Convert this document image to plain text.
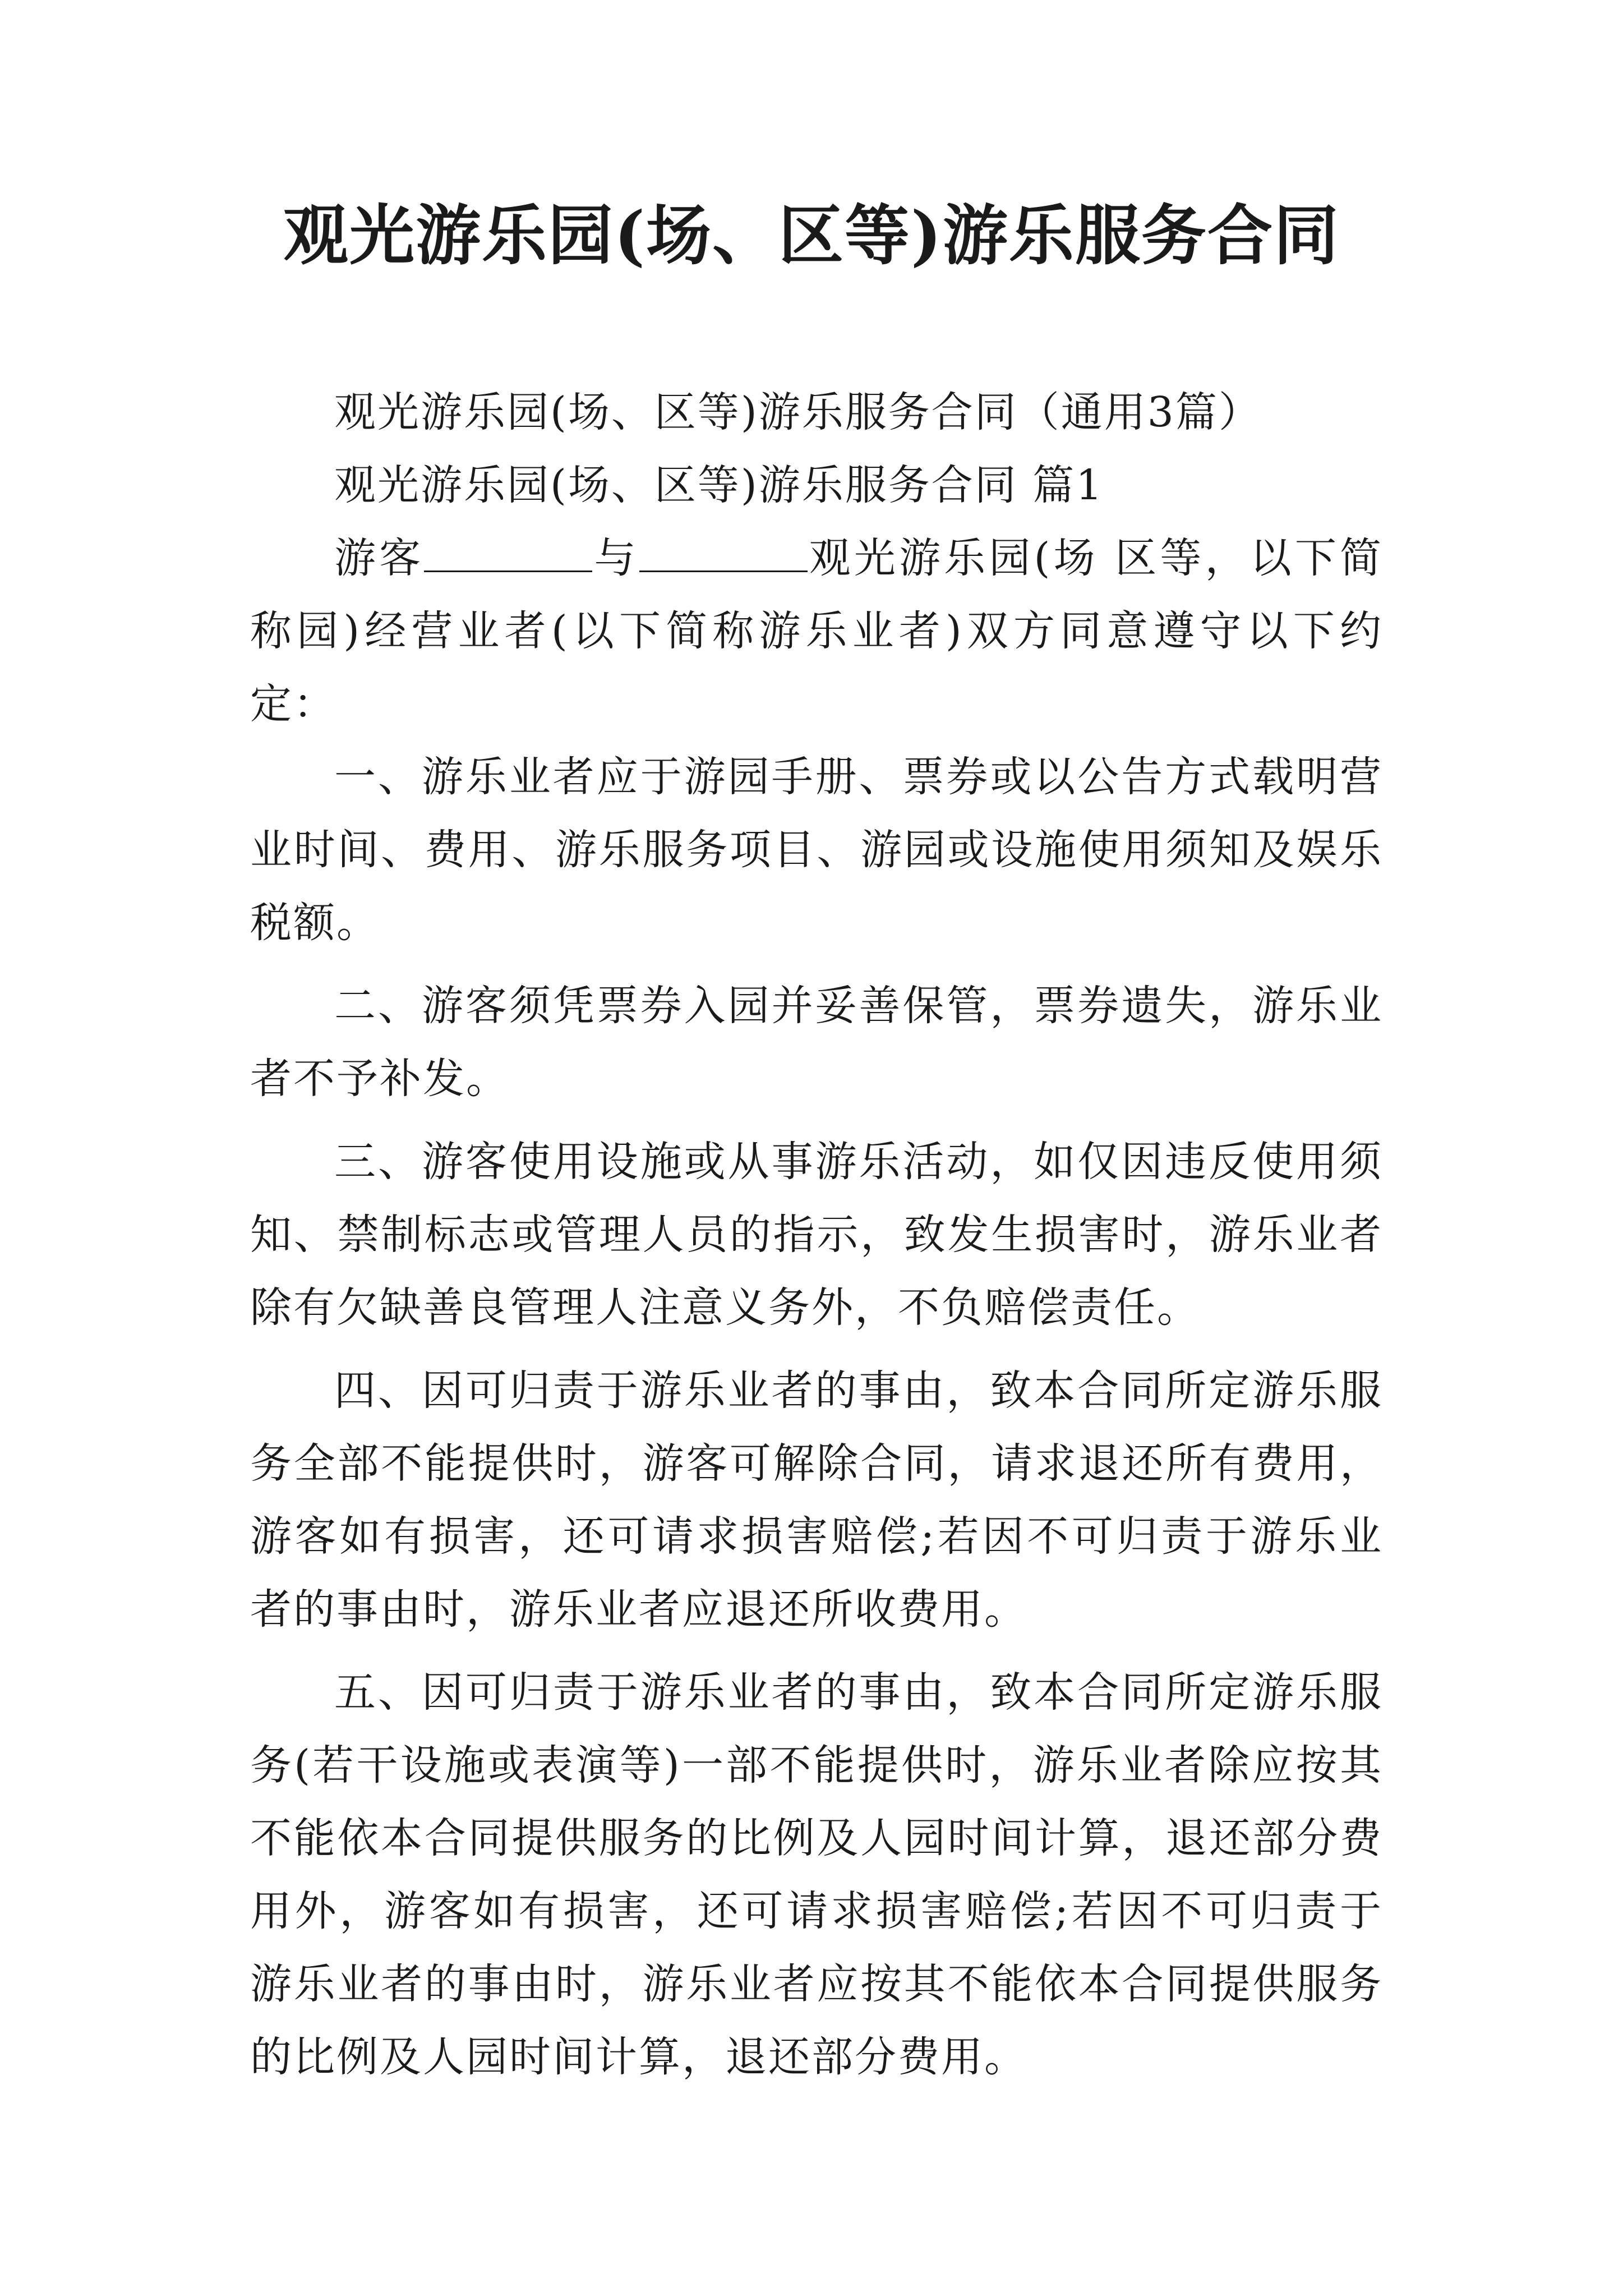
观光游乐园(场、区等)游乐服务合同

观光游乐园(场、区等)游乐服务合同（通用3篇）

观光游乐园(场、区等)游乐服务合同 篇1

游客	与	观光游乐园(场 区等，以下简称园)经营业者(以下简称游乐业者)双方同意遵守以下约定：

一、游乐业者应于游园手册、票券或以公告方式载明营业时间、费用、游乐服务项目、游园或设施使用须知及娱乐税额。

二、游客须凭票券入园并妥善保管，票券遗失，游乐业者不予补发。

三、游客使用设施或从事游乐活动，如仅因违反使用须知、禁制标志或管理人员的指示，致发生损害时，游乐业者除有欠缺善良管理人注意义务外，不负赔偿责任。

四、因可归责于游乐业者的事由，致本合同所定游乐服务全部不能提供时，游客可解除合同，请求退还所有费用，游客如有损害，还可请求损害赔偿;若因不可归责于游乐业者的事由时，游乐业者应退还所收费用。

五、因可归责于游乐业者的事由，致本合同所定游乐服务(若干设施或表演等)一部不能提供时，游乐业者除应按其不能依本合同提供服务的比例及人园时间计算，退还部分费用外，游客如有损害，还可请求损害赔偿;若因不可归责于游乐业者的事由时，游乐业者应按其不能依本合同提供服务的比例及人园时间计算，退还部分费用。
